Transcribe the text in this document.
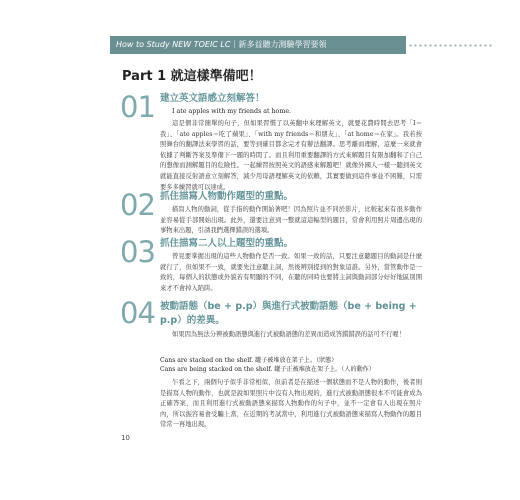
How to Study NEW TOEIC LC｜新多益聽力測驗學習要領
Part 1 就這樣準備吧！
01 建立英文語感立刻解答！
I ate apples with my friends at home.
這是個非常簡單的句子，但如果習慣了以英翻中來理解英文，就要花費時間去思考「I＝我」、「ate apples＝吃了蘋果」、「with my friends＝和朋友」、「at home＝在家」。我若按照舞台的翻譯法來學習的話，要等到確目都念完才有辦法翻譯。思考離而理解，這麼一來就會依據了判斷答案及準備下一題的時間了。而且利用重要翻譯的方式來解題目有限加翻和了自己的想像而測解題目的危險性。一起練習按照英文的語感來解題吧！就像外國人一樣一聽到英文就能直接反射語意立刻解答，減少用母語理解英文的依賴，其實要做到這件事並不困難，只需要多多練習就可以達成。
02 抓住描寫人物動作題型的重點。
描寫人物的動詞，從手指的動作開始著吧！因為照片並不同於影片，比較起來有很多動作並容易從手部開始出現。此外，還要注意到一整就這這幅型的題目，常會利用照片周邊出現的事物來出題，引誘我們選擇錯誤的選項。
03 抓住描寫二人以上題型的重點。
曾見要掌握出現的這些人物動作是否一致。如果一致的話，只要注意聽題目的動詞是什麼就行了，但如果不一致，就要先注意聽主詞，然後辨別提到的對象這誰。另外，當管動作是一致的，每個人的狀態或外貌若有明顯的不同，在聽的同時也要將主詞與動詞部分好好地區別開來才不會掉入陷阱。
04 被動語態（be + p.p）與進行式被動語態（be + being + p.p）的差異。
如果因為無法分辨被動語態與進行式被動語態的差異而造成答錯錯誤的話可不行喔！
Cans are stacked on the shelf. 罐子被堆放在架子上。（狀態）
Cans are being stacked on the shelf. 罐子正被堆放在架子上。（人的動作）
乍看之下，兩個句子似乎非常相似，但前者是在描述一個狀態而不是人物的動作，後者則是描寫人物的動作，也就是說如果照片中沒有人物出現的，進行式被動語態很本不可能會成為正確答案，而且利用進行式被動語態來描寫人物動作的句子中，並不一定會有人出現在照片內，所以振容易會受騙上當，在近期的考試當中，利用進行式被動語態來描寫人物動作的題目常常一再地出現。
10
